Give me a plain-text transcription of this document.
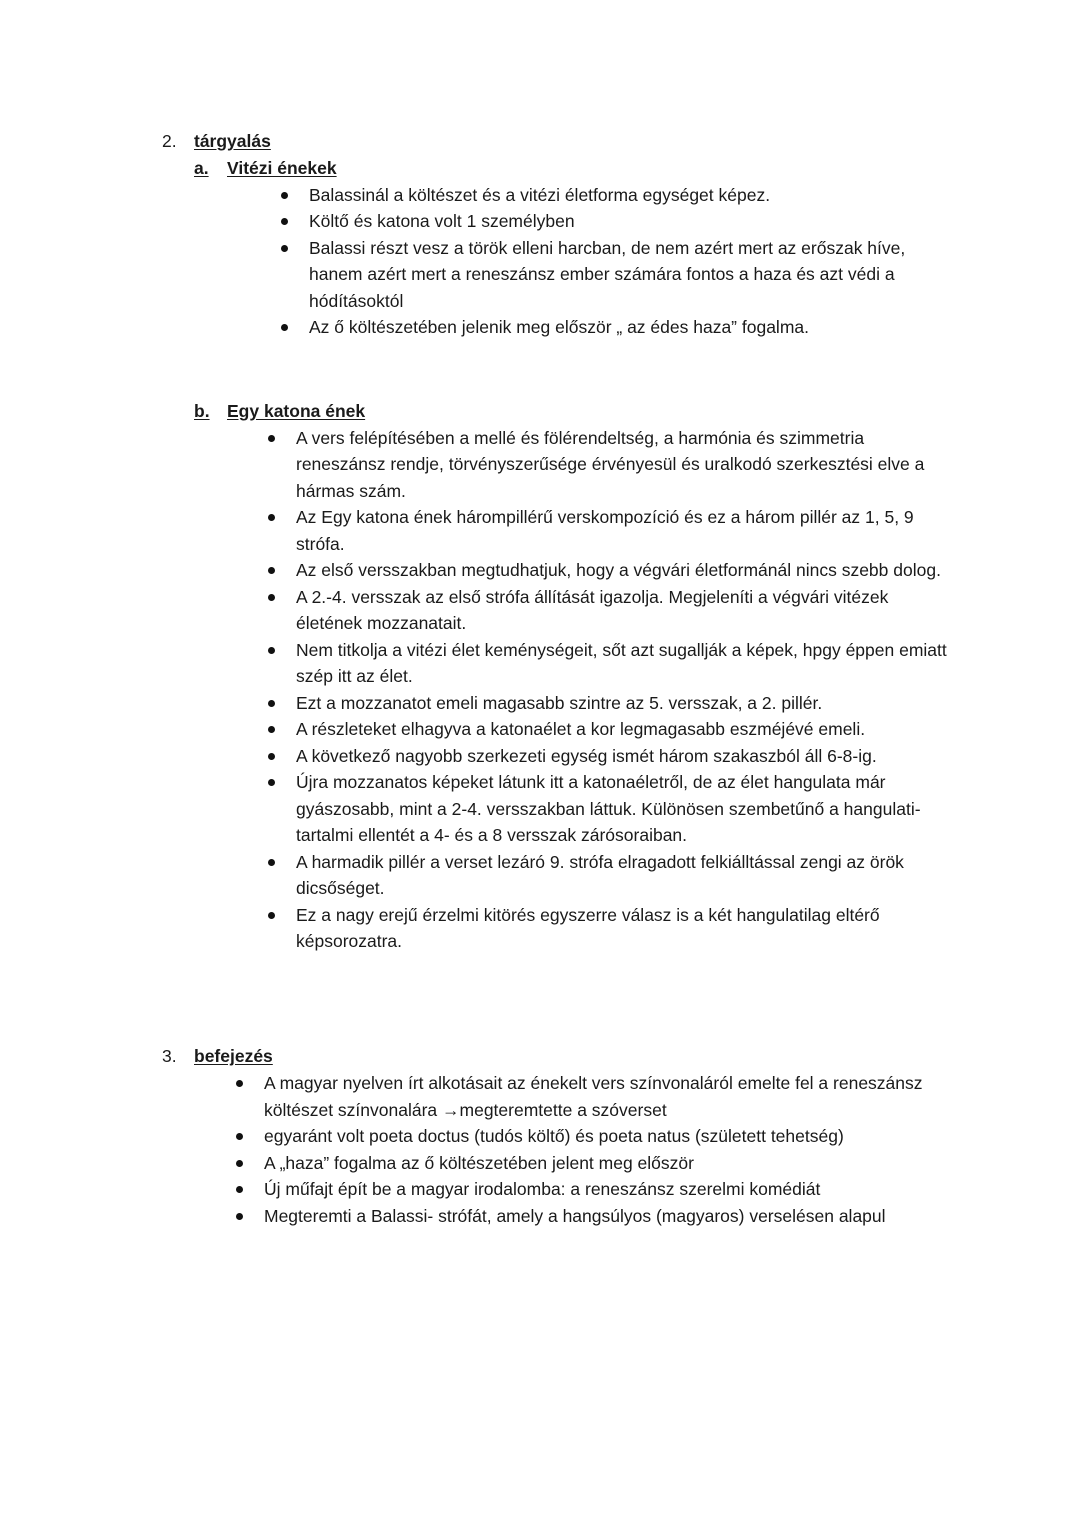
2. tárgyalás
a.	Vitézi énekek
Balassinál a költészet és a vitézi életforma egységet képez.
Költő és katona volt 1 személyben
Balassi részt vesz a török elleni harcban, de nem azért mert az erőszak híve, hanem azért mert a reneszánsz ember számára fontos a haza és azt védi a hódításoktól
Az ő költészetében jelenik meg először „ az édes haza” fogalma.
b. Egy katona ének
A vers felépítésében a mellé és fölérendeltség, a harmónia és szimmetria reneszánsz rendje, törvényszerűsége érvényesül és uralkodó szerkesztési elve a hármas szám.
Az Egy katona ének hárompillérű verskompozíció és ez a három pillér az 1, 5, 9 strófa.
Az első versszakban megtudhatjuk, hogy a végvári életformánál nincs szebb dolog.
A 2.-4. versszak az első strófa állítását igazolja. Megjeleníti a végvári vitézek életének mozzanatait.
Nem titkolja a vitézi élet keménységeit, sőt azt sugallják a képek, hpgy éppen emiatt szép itt az élet.
Ezt a mozzanatot emeli magasabb szintre az 5. versszak, a 2. pillér.
A részleteket elhagyva a katonaélet a kor legmagasabb eszméjévé emeli.
A következő nagyobb szerkezeti egység ismét három szakaszból áll 6-8-ig.
Újra mozzanatos képeket látunk itt a katonaéletről, de az élet hangulata már gyászosabb, mint a 2-4. versszakban láttuk. Különösen szembetűnő a hangulati-tartalmi ellentét a 4- és a 8 versszak zárósoraiban.
A harmadik pillér a verset lezáró 9. strófa elragadott felkiálltással zengi az örök dicsőséget.
Ez a nagy erejű érzelmi kitörés egyszerre válasz is a két hangulatilag eltérő képsorozatra.
3. befejezés
A magyar nyelven írt alkotásait az énekelt vers színvonaláról emelte fel a reneszánsz költészet színvonalára →megteremtette a szóverset
egyaránt volt poeta doctus (tudós költő) és poeta natus (született tehetség)
A „haza” fogalma az ő költészetében jelent meg először
Új műfajt épít be a magyar irodalomba: a reneszánsz szerelmi komédiát
Megteremti a Balassi- strófát, amely a hangsúlyos (magyaros) verselésen alapul
